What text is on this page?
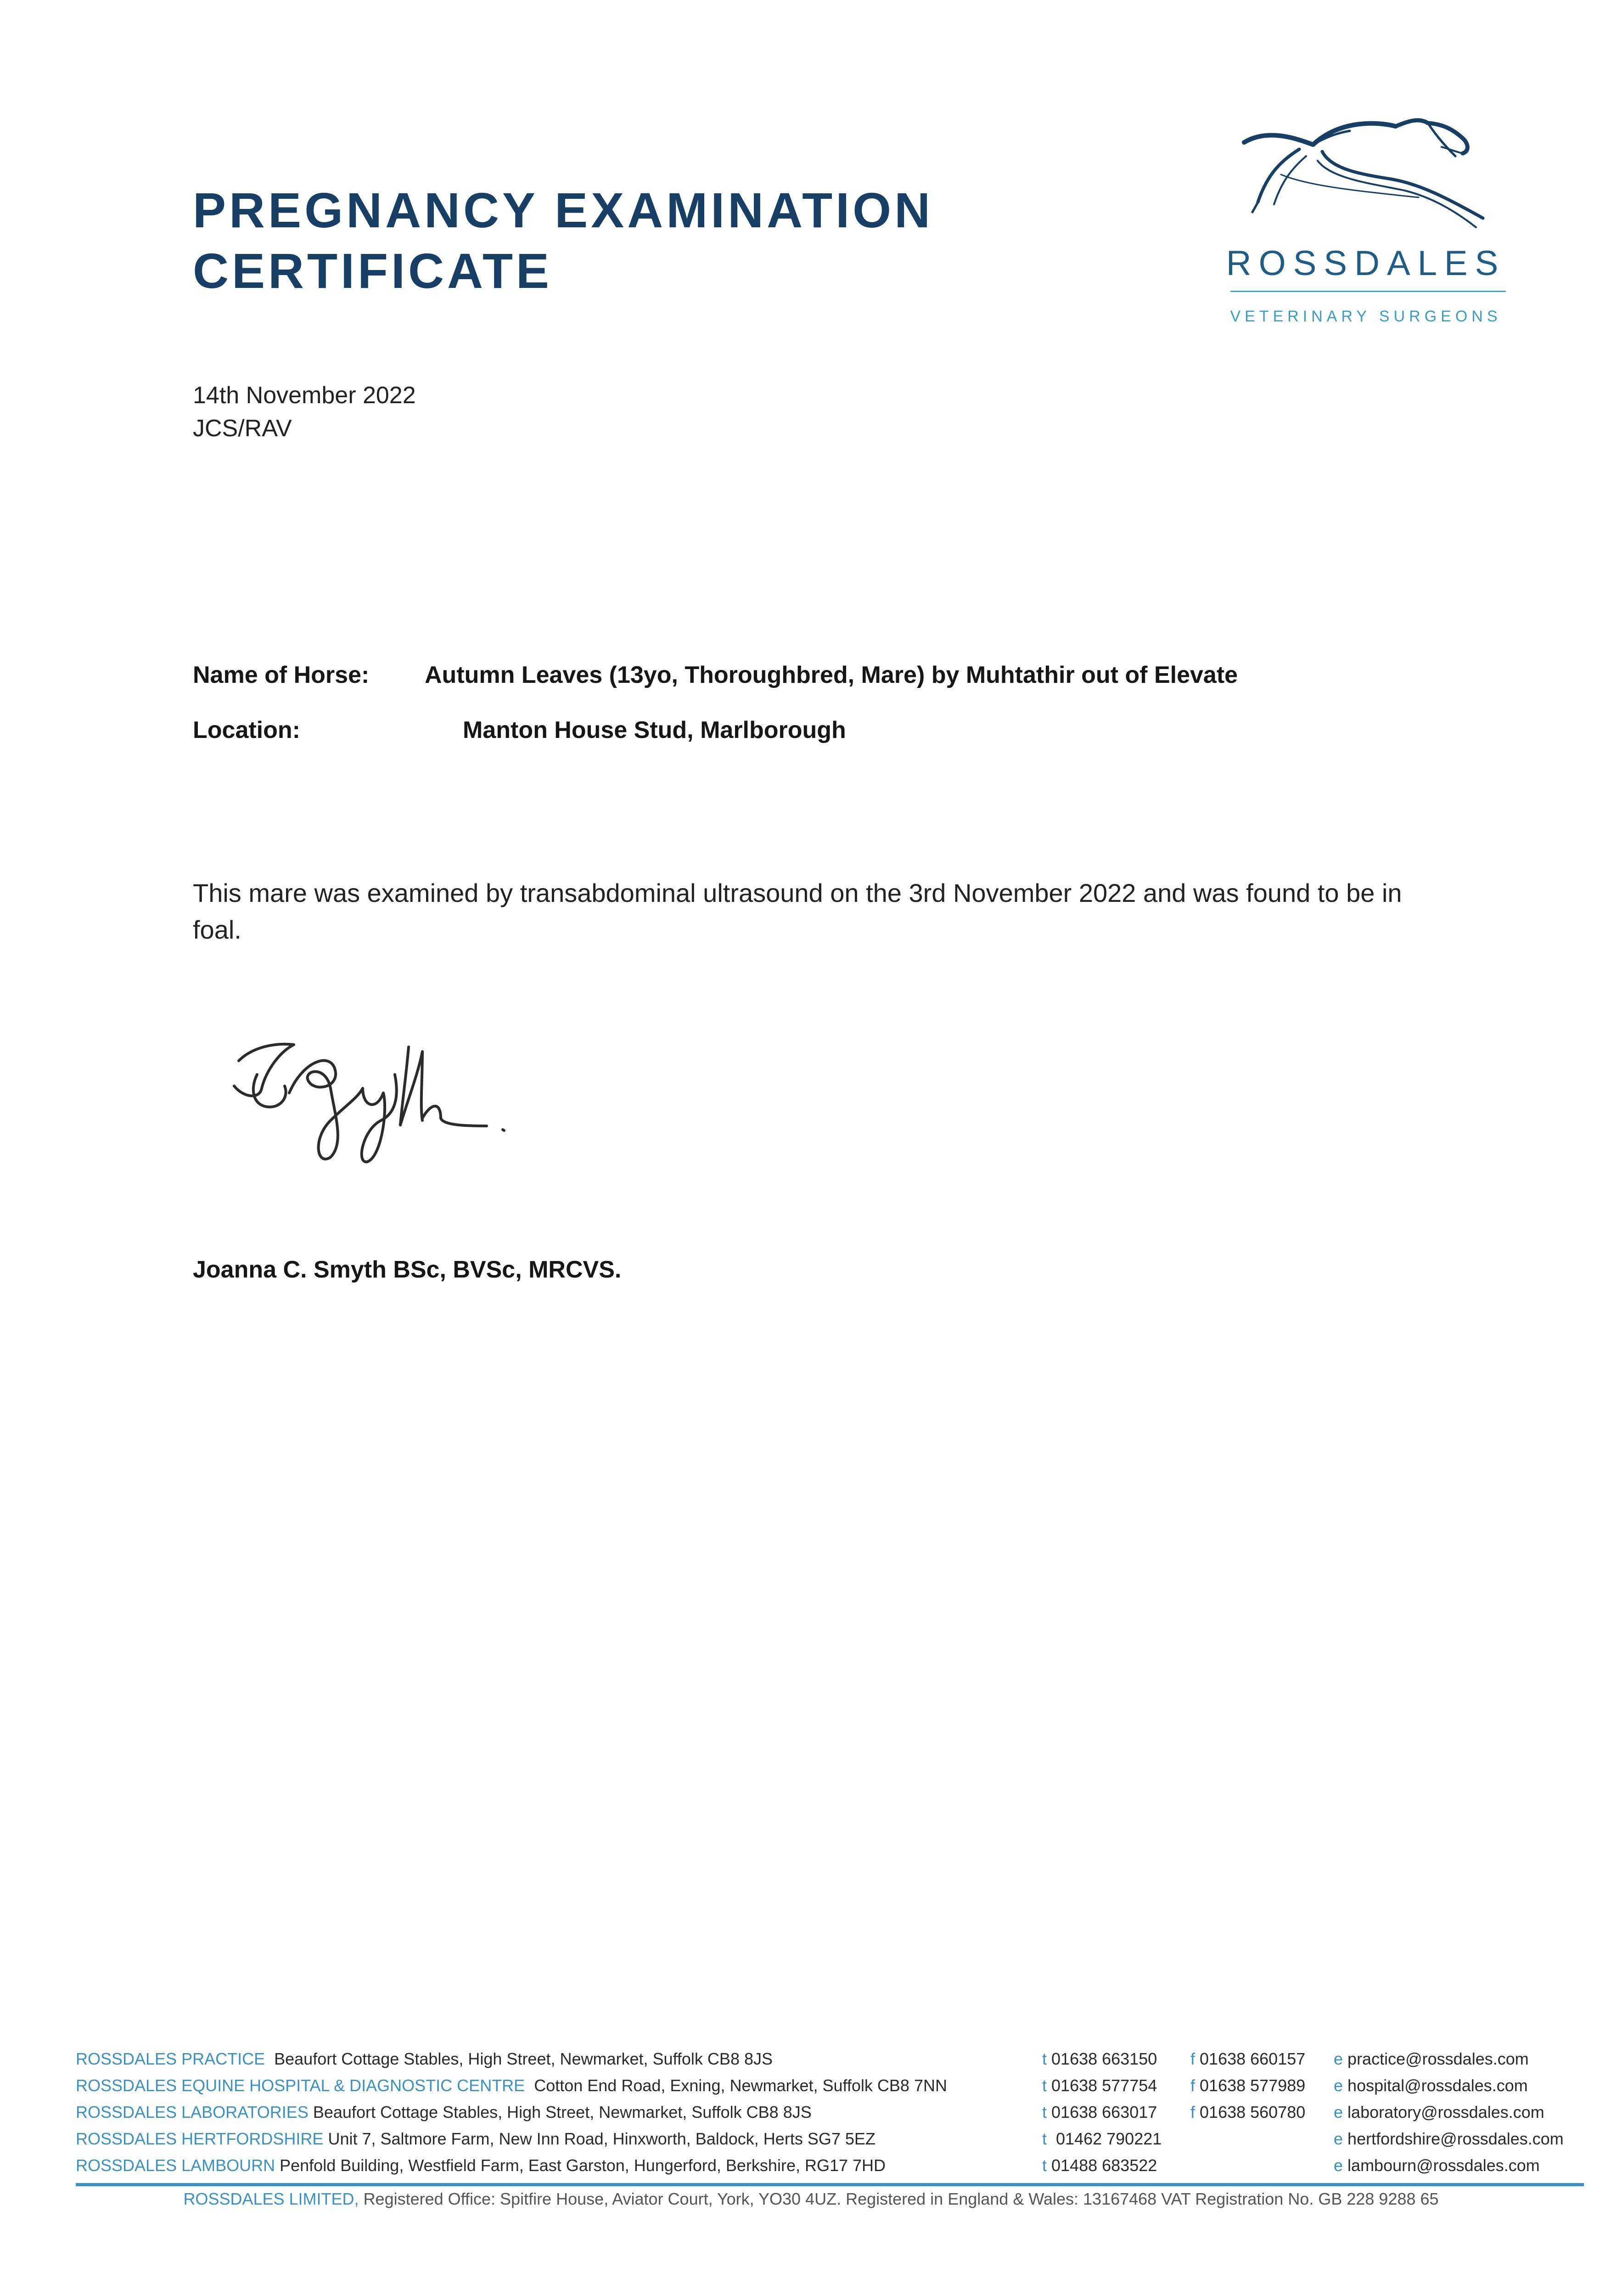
PREGNANCY EXAMINATION
CERTIFICATE	ROSSDALES
VETERINARY SURGEONS
14th November 2022
JCS/RAV
Name of Horse: Autumn Leaves (13yo, Thoroughbred, Mare) by Muhtathir out of Elevate
Location:	Manton House Stud, Marlborough
This mare was examined by transabdominal ultrasound on the 3rd November 2022 and was found to be in foal.
Joanna C. Smyth BSc, BVSc, MRCVS.
ROSSDALES PRACTICE Beaufort Cottage Stables, High Street, Newmarket, Suffolk CB8 8JS	t 01638 663150 f 01638 660157 e practice@rossdales.com
ROSSDALES EQUINE HOSPITAL & DIAGNOSTIC CENTRE Cotton End Road, Exning, Newmarket, Suffolk CB8 7NN	t 01638 577754 f 01638 577989 e hospital@rossdales.com
ROSSDALES LABORATORIES Beaufort Cottage Stables, High Street, Newmarket, Suffolk CB8 8JS	t 01638 663017 f 01638 560780 e laboratory@rossdales.com
ROSSDALES HERTFORDSHIRE Unit 7, Saltmore Farm, New Inn Road, Hinxworth, Baldock, Herts SG7 5EZ	t 01462 790221	e hertfordshire@rossdales.com
ROSSDALES LAMBOURN Penfold Building, Westfield Farm, East Garston, Hungerford, Berkshire, RG17 7HD	t 01488 683522	e lambourn@rossdales.com
ROSSDALES LIMITED, Registered Office: Spitfire House, Aviator Court, York, YO30 4UZ. Registered in England & Wales: 13167468 VAT Registration No. GB 228 9288 65
